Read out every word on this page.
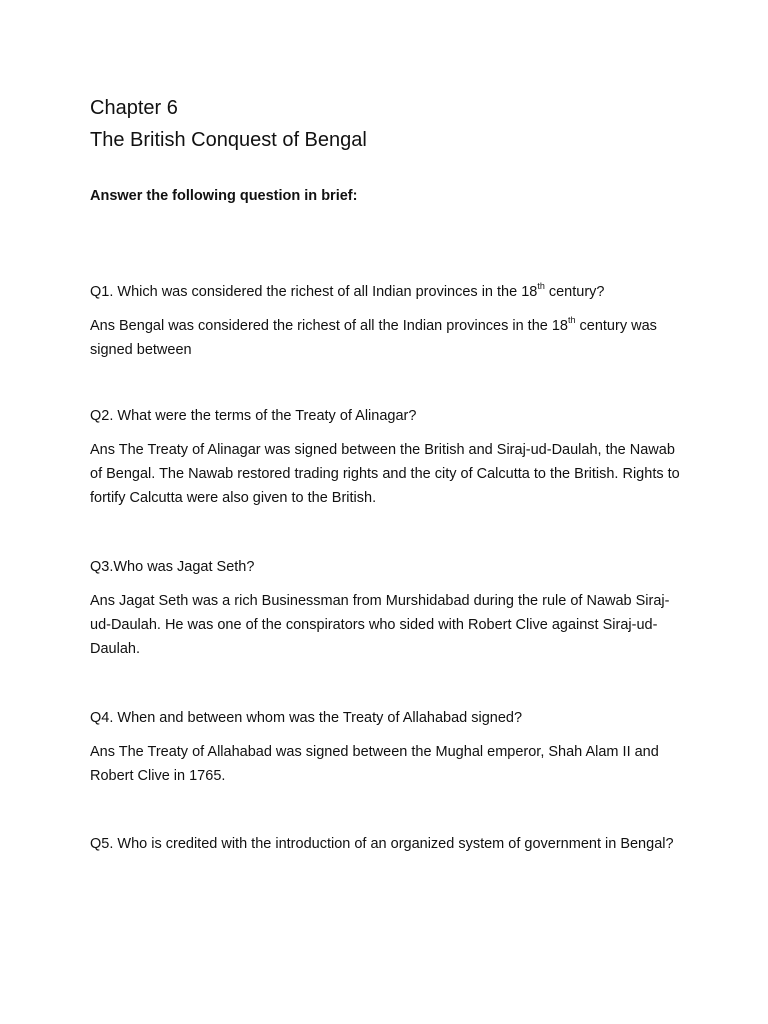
Chapter 6
The British Conquest of Bengal

Answer the following question in brief:

Q1. Which was considered the richest of all Indian provinces in the 18th century?

Ans Bengal was considered the richest of all the Indian provinces in the 18th century was signed between

Q2. What were the terms of the Treaty of Alinagar?

Ans The Treaty of Alinagar was signed between the British and Siraj-ud-Daulah, the Nawab of Bengal. The Nawab restored trading rights and the city of Calcutta to the British. Rights to fortify Calcutta were also given to the British.

Q3.Who was Jagat Seth?

Ans Jagat Seth was a rich Businessman from Murshidabad during the rule of Nawab Siraj-ud-Daulah. He was one of the conspirators who sided with Robert Clive against Siraj-ud-Daulah.

Q4. When and between whom was the Treaty of Allahabad signed?

Ans The Treaty of Allahabad was signed between the Mughal emperor, Shah Alam II and Robert Clive in 1765.

Q5. Who is credited with the introduction of an organized system of government in Bengal?
